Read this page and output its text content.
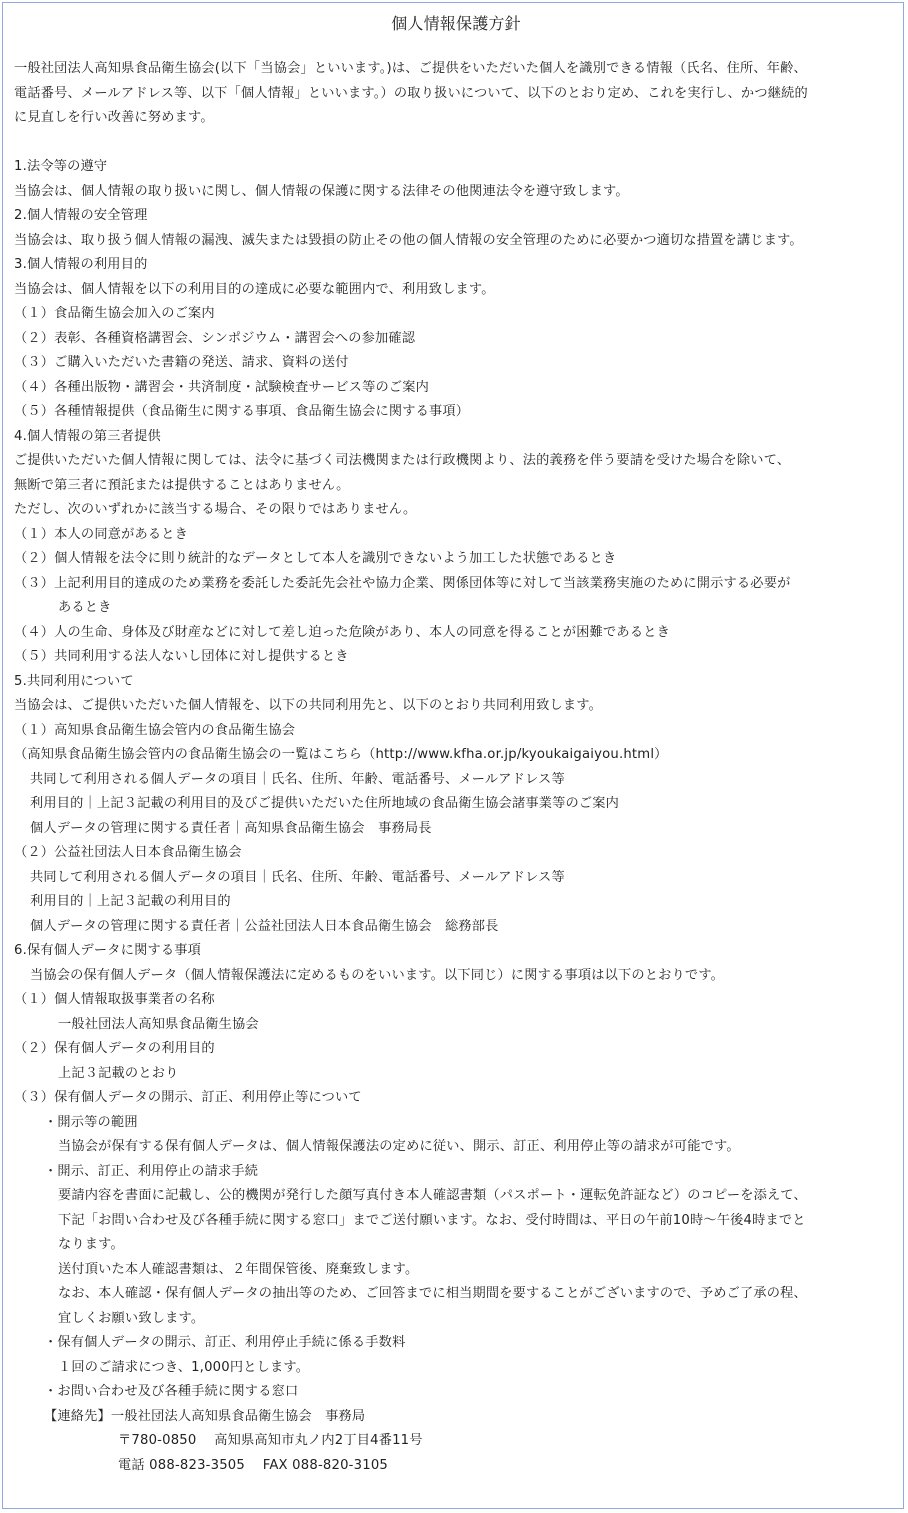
個人情報保護方針
一般社団法人高知県食品衛生協会(以下「当協会」といいます。)は、ご提供をいただいた個人を識別できる情報（氏名、住所、年齢、
電話番号、メールアドレス等、以下「個人情報」といいます。）の取り扱いについて、以下のとおり定め、これを実行し、かつ継続的
に見直しを行い改善に努めます。
1.法令等の遵守
当協会は、個人情報の取り扱いに関し、個人情報の保護に関する法律その他関連法令を遵守致します。
2.個人情報の安全管理
当協会は、取り扱う個人情報の漏洩、滅失または毀損の防止その他の個人情報の安全管理のために必要かつ適切な措置を講じます。
3.個人情報の利用目的
当協会は、個人情報を以下の利用目的の達成に必要な範囲内で、利用致します。
（１）食品衛生協会加入のご案内
（２）表彰、各種資格講習会、シンポジウム・講習会への参加確認
（３）ご購入いただいた書籍の発送、請求、資料の送付
（４）各種出版物・講習会・共済制度・試験検査サービス等のご案内
（５）各種情報提供（食品衛生に関する事項、食品衛生協会に関する事項）
4.個人情報の第三者提供
ご提供いただいた個人情報に関しては、法令に基づく司法機関または行政機関より、法的義務を伴う要請を受けた場合を除いて、
無断で第三者に預託または提供することはありません。
ただし、次のいずれかに該当する場合、その限りではありません。
（１）本人の同意があるとき
（２）個人情報を法令に則り統計的なデータとして本人を識別できないよう加工した状態であるとき
（３）上記利用目的達成のため業務を委託した委託先会社や協力企業、関係団体等に対して当該業務実施のために開示する必要が
あるとき
（４）人の生命、身体及び財産などに対して差し迫った危険があり、本人の同意を得ることが困難であるとき
（５）共同利用する法人ないし団体に対し提供するとき
5.共同利用について
当協会は、ご提供いただいた個人情報を、以下の共同利用先と、以下のとおり共同利用致します。
（１）高知県食品衛生協会管内の食品衛生協会
（高知県食品衛生協会管内の食品衛生協会の一覧はこちら（http://www.kfha.or.jp/kyoukaigaiyou.html）
共同して利用される個人データの項目｜氏名、住所、年齢、電話番号、メールアドレス等
利用目的｜上記３記載の利用目的及びご提供いただいた住所地域の食品衛生協会諸事業等のご案内
個人データの管理に関する責任者｜高知県食品衛生協会　事務局長
（２）公益社団法人日本食品衛生協会
共同して利用される個人データの項目｜氏名、住所、年齢、電話番号、メールアドレス等
利用目的｜上記３記載の利用目的
個人データの管理に関する責任者｜公益社団法人日本食品衛生協会　総務部長
6.保有個人データに関する事項
当協会の保有個人データ（個人情報保護法に定めるものをいいます。以下同じ）に関する事項は以下のとおりです。
（１）個人情報取扱事業者の名称
一般社団法人高知県食品衛生協会
（２）保有個人データの利用目的
上記３記載のとおり
（３）保有個人データの開示、訂正、利用停止等について
・開示等の範囲
当協会が保有する保有個人データは、個人情報保護法の定めに従い、開示、訂正、利用停止等の請求が可能です。
・開示、訂正、利用停止の請求手続
要請内容を書面に記載し、公的機関が発行した顔写真付き本人確認書類（パスポート・運転免許証など）のコピーを添えて、
下記「お問い合わせ及び各種手続に関する窓口」までご送付願います。なお、受付時間は、平日の午前10時～午後4時までと
なります。
送付頂いた本人確認書類は、２年間保管後、廃棄致します。
なお、本人確認・保有個人データの抽出等のため、ご回答までに相当期間を要することがございますので、予めご了承の程、
宜しくお願い致します。
・保有個人データの開示、訂正、利用停止手続に係る手数料
１回のご請求につき、1,000円とします。
・お問い合わせ及び各種手続に関する窓口
【連絡先】一般社団法人高知県食品衛生協会　事務局
〒780-0850　 高知県高知市丸ノ内2丁目4番11号
電話 088-823-3505　 FAX 088-820-3105
